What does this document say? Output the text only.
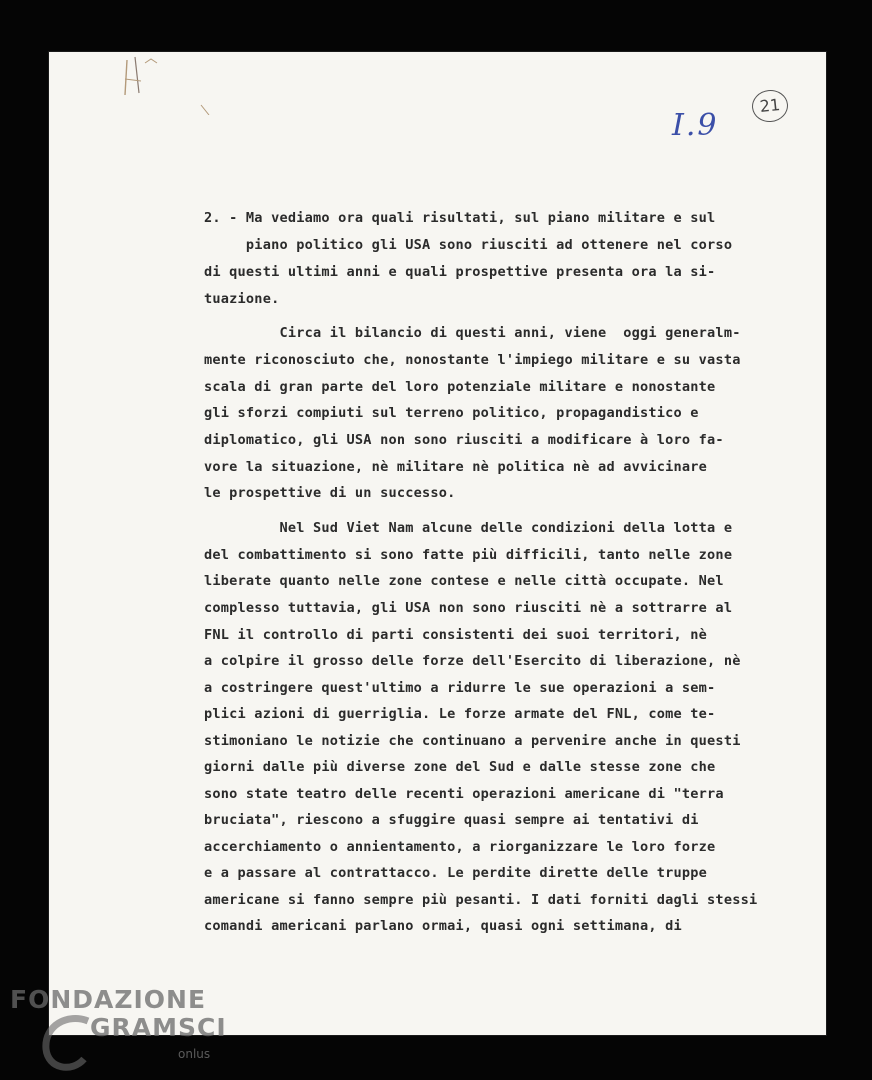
I.9
21
2. - Ma vediamo ora quali risultati, sul piano militare e sul
piano politico gli USA sono riusciti ad ottenere nel corso
di questi ultimi anni e quali prospettive presenta ora la si-
tuazione.
Circa il bilancio di questi anni, viene  oggi generalm-
mente riconosciuto che, nonostante l'impiego militare e su vasta
scala di gran parte del loro potenziale militare e nonostante
gli sforzi compiuti sul terreno politico, propagandistico e
diplomatico, gli USA non sono riusciti a modificare à loro fa-
vore la situazione, nè militare nè politica nè ad avvicinare
le prospettive di un successo.
Nel Sud Viet Nam alcune delle condizioni della lotta e
del combattimento si sono fatte più difficili, tanto nelle zone
liberate quanto nelle zone contese e nelle città occupate. Nel
complesso tuttavia, gli USA non sono riusciti nè a sottrarre al
FNL il controllo di parti consistenti dei suoi territori, nè
a colpire il grosso delle forze dell'Esercito di liberazione, nè
a costringere quest'ultimo a ridurre le sue operazioni a sem-
plici azioni di guerriglia. Le forze armate del FNL, come te-
stimoniano le notizie che continuano a pervenire anche in questi
giorni dalle più diverse zone del Sud e dalle stesse zone che
sono state teatro delle recenti operazioni americane di "terra
bruciata", riescono a sfuggire quasi sempre ai tentativi di
accerchiamento o annientamento, a riorganizzare le loro forze
e a passare al contrattacco. Le perdite dirette delle truppe
americane si fanno sempre più pesanti. I dati forniti dagli stessi
comandi americani parlano ormai, quasi ogni settimana, di
FONDAZIONE
GRAMSCI
onlus
